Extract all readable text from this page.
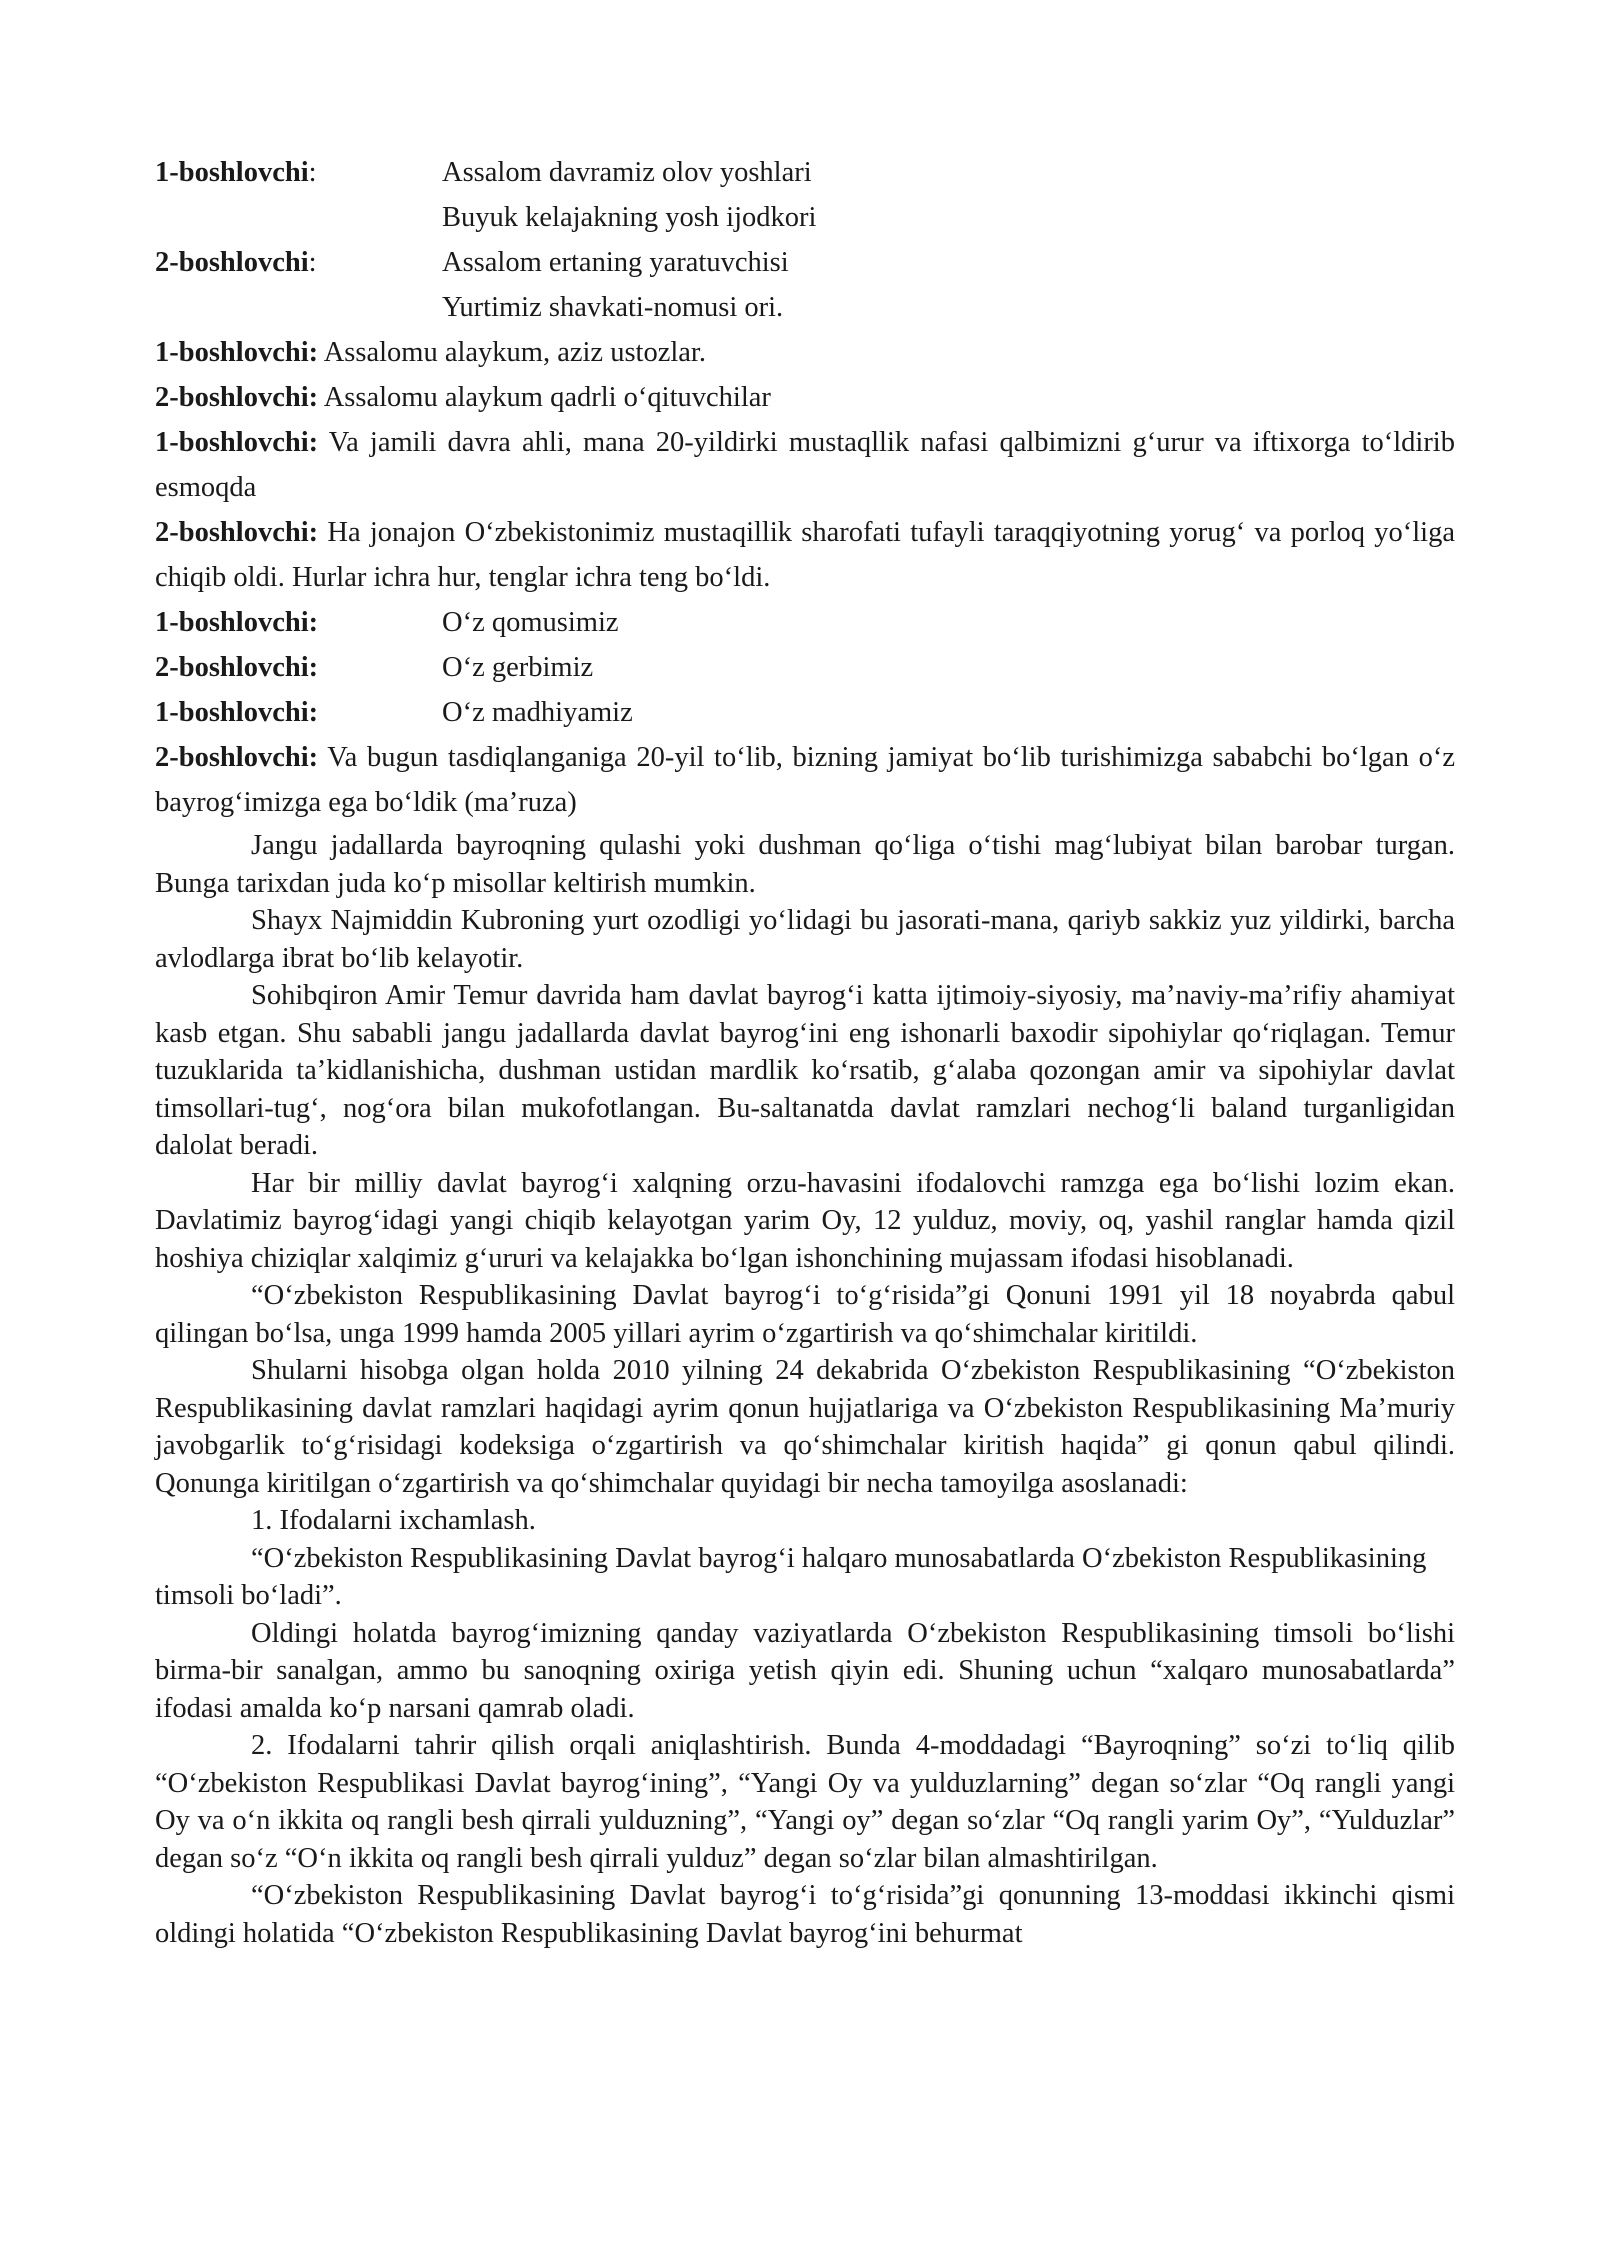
1-boshlovchi:	Assalom davramiz olov yoshlari
Buyuk kelajakning yosh ijodkori
2-boshlovchi:	Assalom ertaning yaratuvchisi
Yurtimiz shavkati-nomusi ori.
1-boshlovchi: Assalomu alaykum, aziz ustozlar.
2-boshlovchi: Assalomu alaykum qadrli o‘qituvchilar
1-boshlovchi: Va jamili davra ahli, mana 20-yildirki mustaqllik nafasi qalbimizni g‘urur va iftixorga to‘ldirib esmoqda
2-boshlovchi: Ha jonajon O‘zbekistonimiz mustaqillik sharofati tufayli taraqqiyotning yorug‘ va porloq yo‘liga chiqib oldi. Hurlar ichra hur, tenglar ichra teng bo‘ldi.
1-boshlovchi:	O‘z qomusimiz
2-boshlovchi:	O‘z gerbimiz
1-boshlovchi:	O‘z madhiyamiz
2-boshlovchi: Va bugun tasdiqlanganiga 20-yil to‘lib, bizning jamiyat bo‘lib turishimizga sababchi bo‘lgan o‘z bayrog‘imizga ega bo‘ldik (ma’ruza)

Jangu jadallarda bayroqning qulashi yoki dushman qo‘liga o‘tishi mag‘lubiyat bilan barobar turgan. Bunga tarixdan juda ko‘p misollar keltirish mumkin.

Shayx Najmiddin Kubroning yurt ozodligi yo‘lidagi bu jasorati-mana, qariyb sakkiz yuz yildirki, barcha avlodlarga ibrat bo‘lib kelayotir.

Sohibqiron Amir Temur davrida ham davlat bayrog‘i katta ijtimoiy-siyosiy, ma’naviy-ma’rifiy ahamiyat kasb etgan. Shu sababli jangu jadallarda davlat bayrog‘ini eng ishonarli baxodir sipohiylar qo‘riqlagan. Temur tuzuklarida ta’kidlanishicha, dushman ustidan mardlik ko‘rsatib, g‘alaba qozongan amir va sipohiylar davlat timsollari-tug‘, nog‘ora bilan mukofotlangan. Bu-saltanatda davlat ramzlari nechog‘li baland turganligidan dalolat beradi.

Har bir milliy davlat bayrog‘i xalqning orzu-havasini ifodalovchi ramzga ega bo‘lishi lozim ekan. Davlatimiz bayrog‘idagi yangi chiqib kelayotgan yarim Oy, 12 yulduz, moviy, oq, yashil ranglar hamda qizil hoshiya chiziqlar xalqimiz g‘ururi va kelajakka bo‘lgan ishonchining mujassam ifodasi hisoblanadi.

“O‘zbekiston Respublikasining Davlat bayrog‘i to‘g‘risida”gi Qonuni 1991 yil 18 noyabrda qabul qilingan bo‘lsa, unga 1999 hamda 2005 yillari ayrim o‘zgartirish va qo‘shimchalar kiritildi.

Shularni hisobga olgan holda 2010 yilning 24 dekabrida O‘zbekiston Respublikasining “O‘zbekiston Respublikasining davlat ramzlari haqidagi ayrim qonun hujjatlariga va O‘zbekiston Respublikasining Ma’muriy javobgarlik to‘g‘risidagi kodeksiga o‘zgartirish va qo‘shimchalar kiritish haqida” gi qonun qabul qilindi. Qonunga kiritilgan o‘zgartirish va qo‘shimchalar quyidagi bir necha tamoyilga asoslanadi:

1. Ifodalarni ixchamlash.

“O‘zbekiston Respublikasining Davlat bayrog‘i halqaro munosabatlarda O‘zbekiston Respublikasining timsoli bo‘ladi”.

Oldingi holatda bayrog‘imizning qanday vaziyatlarda O‘zbekiston Respublikasining timsoli bo‘lishi birma-bir sanalgan, ammo bu sanoqning oxiriga yetish qiyin edi. Shuning uchun “xalqaro munosabatlarda” ifodasi amalda ko‘p narsani qamrab oladi.

2. Ifodalarni tahrir qilish orqali aniqlashtirish. Bunda 4-moddadagi “Bayroqning” so‘zi to‘liq qilib “O‘zbekiston Respublikasi Davlat bayrog‘ining”, “Yangi Oy va yulduzlarning” degan so‘zlar “Oq rangli yangi Oy va o‘n ikkita oq rangli besh qirrali yulduzning”, “Yangi oy” degan so‘zlar “Oq rangli yarim Oy”, “Yulduzlar” degan so‘z “O‘n ikkita oq rangli besh qirrali yulduz” degan so‘zlar bilan almashtirilgan.

“O‘zbekiston Respublikasining Davlat bayrog‘i to‘g‘risida”gi qonunning 13-moddasi ikkinchi qismi oldingi holatida “O‘zbekiston Respublikasining Davlat bayrog‘ini behurmat
